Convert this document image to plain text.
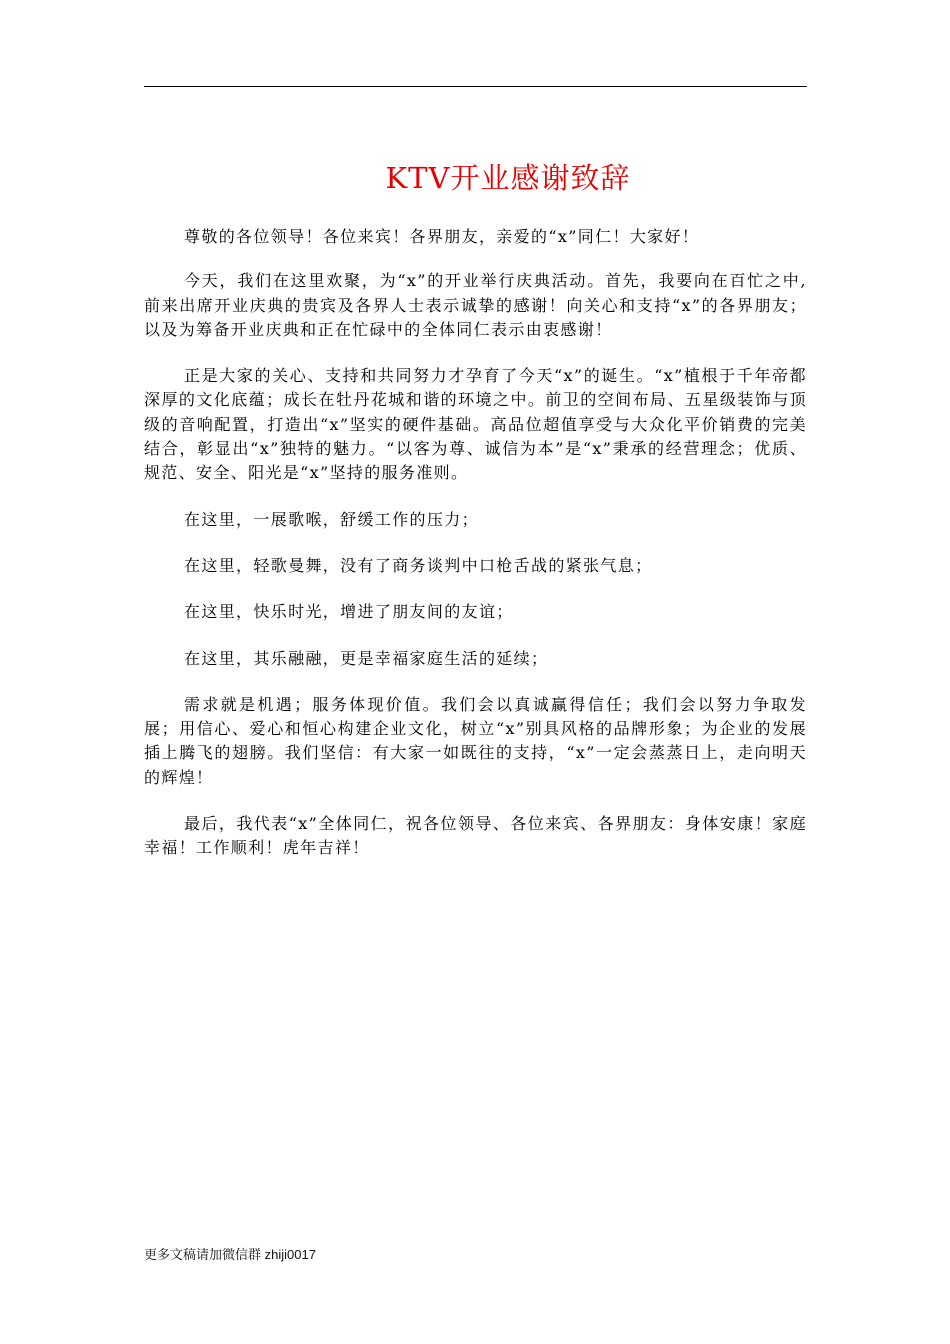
KTV开业感谢致辞

尊敬的各位领导！各位来宾！各界朋友，亲爱的“x”同仁！大家好！

今天，我们在这里欢聚，为“x”的开业举行庆典活动。首先，我要向在百忙之中,前来出席开业庆典的贵宾及各界人士表示诚挚的感谢！向关心和支持“x”的各界朋友；以及为筹备开业庆典和正在忙碌中的全体同仁表示由衷感谢！

正是大家的关心、支持和共同努力才孕育了今天“x”的诞生。“x”植根于千年帝都深厚的文化底蕴；成长在牡丹花城和谐的环境之中。前卫的空间布局、五星级装饰与顶级的音响配置，打造出“x”坚实的硬件基础。高品位超值享受与大众化平价销费的完美结合，彰显出“x”独特的魅力。“以客为尊、诚信为本”是“x”秉承的经营理念；优质、规范、安全、阳光是“x”坚持的服务准则。

在这里，一展歌喉，舒缓工作的压力；

在这里，轻歌曼舞，没有了商务谈判中口枪舌战的紧张气息；

在这里，快乐时光，增进了朋友间的友谊；

在这里，其乐融融，更是幸福家庭生活的延续；

需求就是机遇；服务体现价值。我们会以真诚赢得信任；我们会以努力争取发展；用信心、爱心和恒心构建企业文化，树立“x”别具风格的品牌形象；为企业的发展插上腾飞的翅膀。我们坚信：有大家一如既往的支持，“x”一定会蒸蒸日上，走向明天的辉煌！

最后，我代表“x”全体同仁，祝各位领导、各位来宾、各界朋友：身体安康！家庭幸福！工作顺利！虎年吉祥！

更多文稿请加微信群 zhiji0017
